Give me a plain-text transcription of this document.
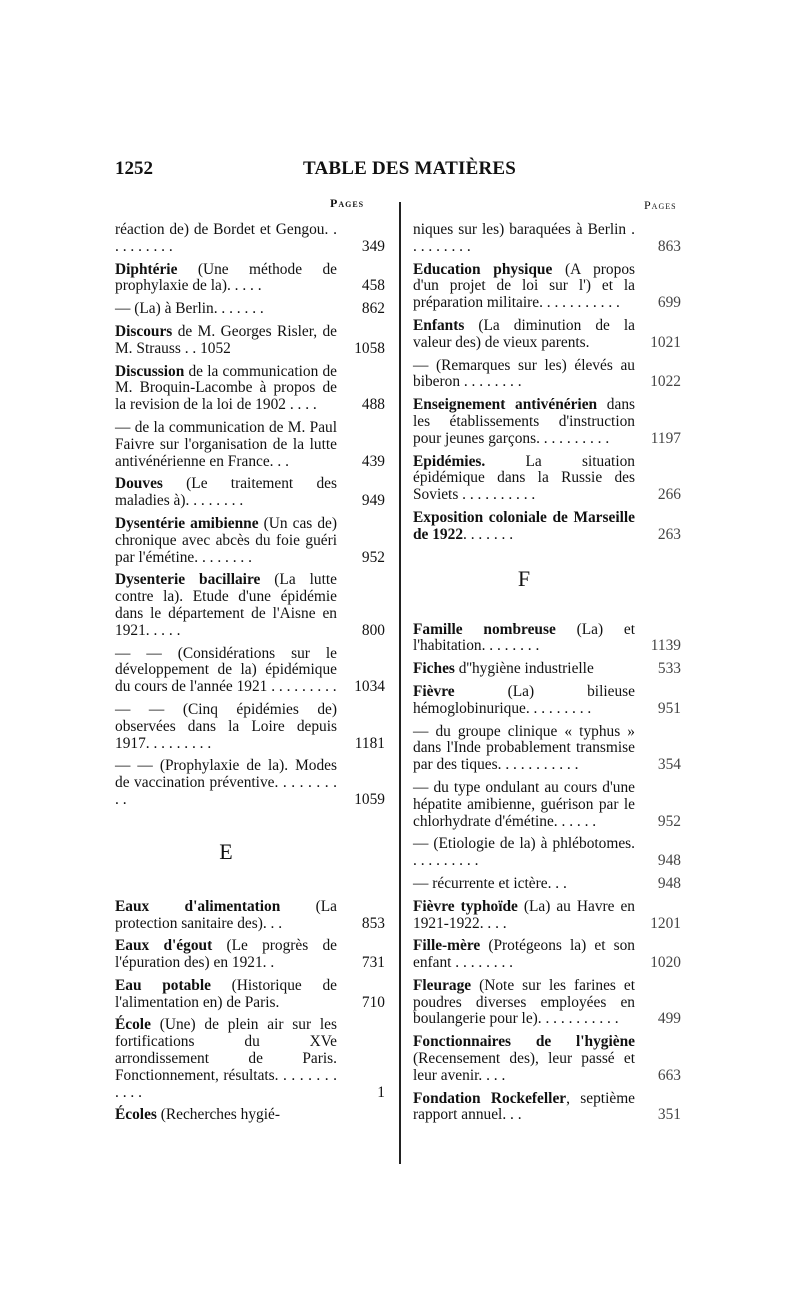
1252	TABLE DES MATIÈRES
Pages	Pages
réaction de) de Bordet et Gengou. . . . . . . . . .	349
Diphtérie (Une méthode de prophylaxie de la). . . . .	458
— (La) à Berlin. . . . . . .	862
Discours de M. Georges Risler, de M. Strauss . . 1052	1058
Discussion de la communication de M. Broquin-Lacombe à propos de la revision de la loi de 1902 . . . .	488
— de la communication de M. Paul Faivre sur l'organisation de la lutte antivénérienne en France. . .	439
Douves (Le traitement des maladies à). . . . . . . .	949
Dysentérie amibienne (Un cas de) chronique avec abcès du foie guéri par l'émétine. . . . . . . .	952
Dysenterie bacillaire (La lutte contre la). Etude d'une épidémie dans le département de l'Aisne en 1921. . . . .	800
— — (Considérations sur le développement de la) épidémique du cours de l'année 1921 . . . . . . . . .	1034
— — (Cinq épidémies de) observées dans la Loire depuis 1917. . . . . . . . .	1181
— — (Prophylaxie de la). Modes de vaccination préventive. . . . . . . . . .	1059
E
Eaux d'alimentation (La protection sanitaire des). . .	853
Eaux d'égout (Le progrès de l'épuration des) en 1921. .	731
Eau potable (Historique de l'alimentation en) de Paris.	710
École (Une) de plein air sur les fortifications du XVe arrondissement de Paris. Fonctionnement, résultats. . . . . . . . . . . .	1
Écoles (Recherches hygié-
niques sur les) baraquées à Berlin . . . . . . . . .	863
Education physique (A propos d'un projet de loi sur l') et la préparation militaire. . . . . . . . . . .	699
Enfants (La diminution de la valeur des) de vieux parents.	1021
— (Remarques sur les) élevés au biberon . . . . . . . .	1022
Enseignement antivénérien dans les établissements d'instruction pour jeunes garçons. . . . . . . . . .	1197
Epidémies. La situation épidémique dans la Russie des Soviets . . . . . . . . . .	266
Exposition coloniale de Marseille de 1922. . . . . . .	263
F
Famille nombreuse (La) et l'habitation. . . . . . . .	1139
Fiches d''hygiène industrielle	533
Fièvre (La) bilieuse hémoglobinurique. . . . . . . . .	951
— du groupe clinique « typhus » dans l'Inde probablement transmise par des tiques. . . . . . . . . . .	354
— du type ondulant au cours d'une hépatite amibienne, guérison par le chlorhydrate d'émétine. . . . . .	952
— (Etiologie de la) à phlébotomes. . . . . . . . . .	948
— récurrente et ictère. . .	948
Fièvre typhoïde (La) au Havre en 1921-1922. . . .	1201
Fille-mère (Protégeons la) et son enfant . . . . . . . .	1020
Fleurage (Note sur les farines et poudres diverses employées en boulangerie pour le). . . . . . . . . . .	499
Fonctionnaires de l'hygiène (Recensement des), leur passé et leur avenir. . . .	663
Fondation Rockefeller, septième rapport annuel. . .	351
